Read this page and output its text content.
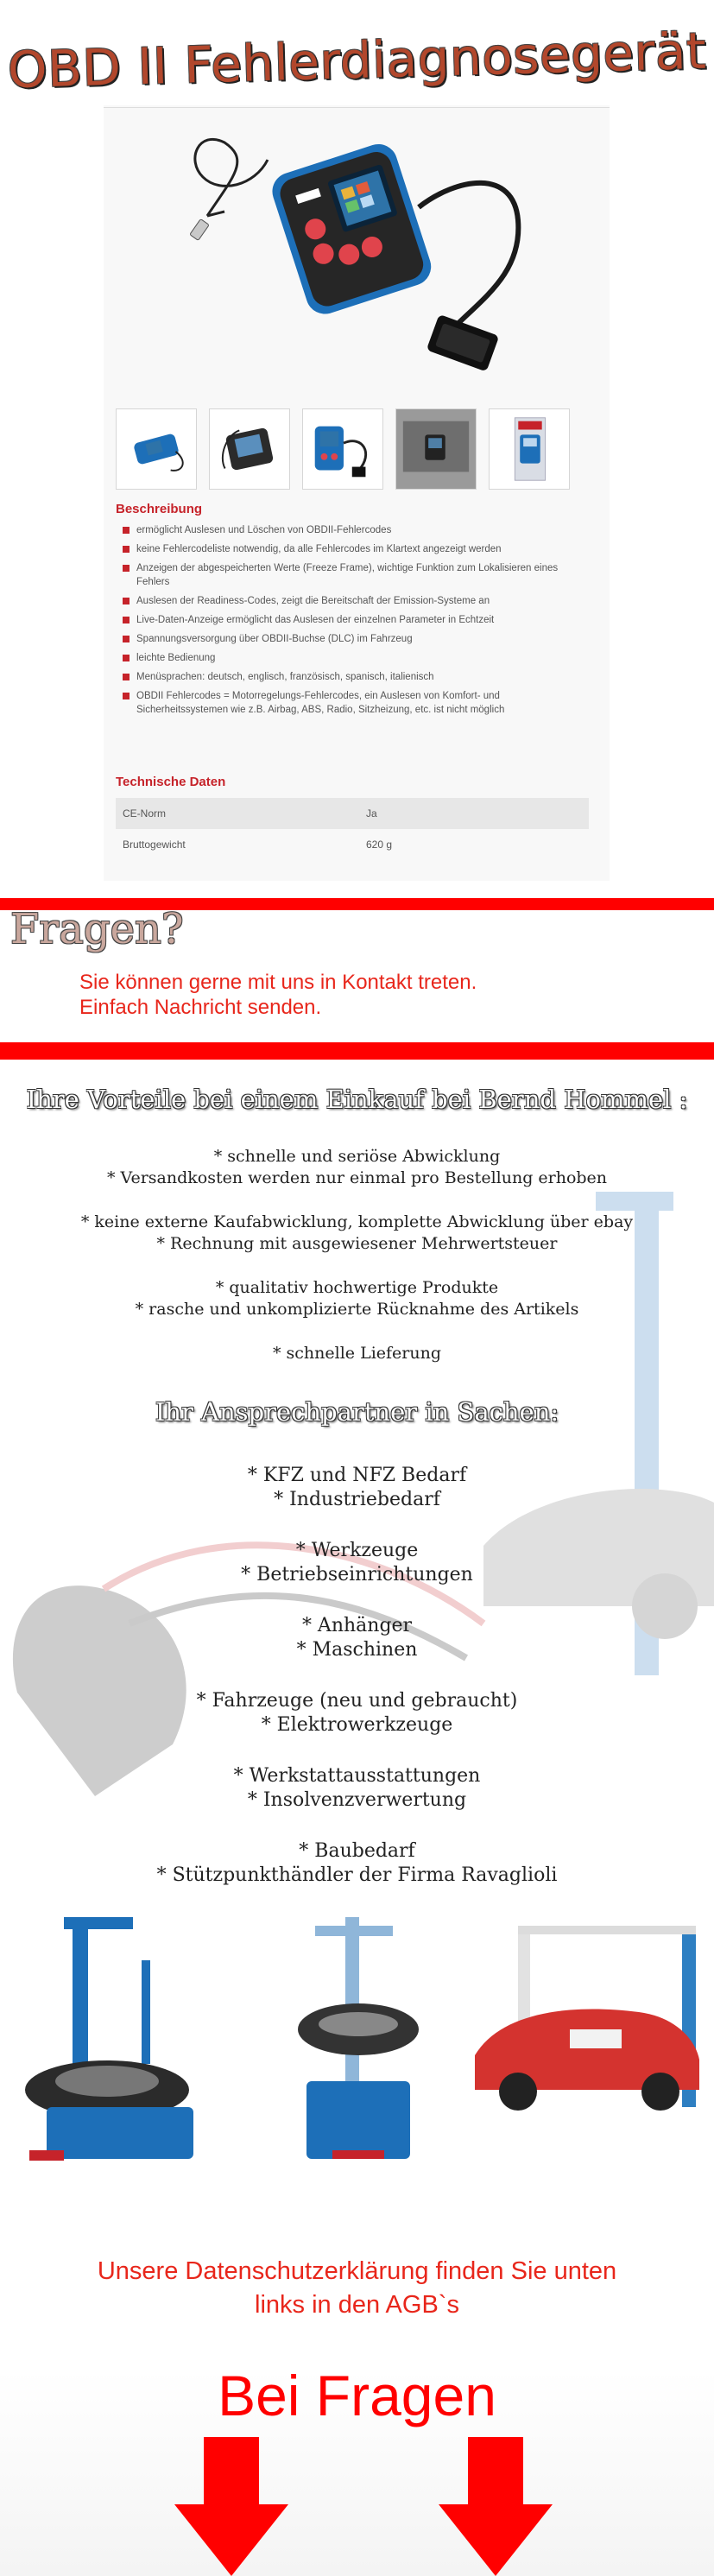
OBD II Fehlerdiagnosegerät
Beschreibung
ermöglicht Auslesen und Löschen von OBDII-Fehlercodes
keine Fehlercodeliste notwendig, da alle Fehlercodes im Klartext angezeigt werden
Anzeigen der abgespeicherten Werte (Freeze Frame), wichtige Funktion zum Lokalisieren eines Fehlers
Auslesen der Readiness-Codes, zeigt die Bereitschaft der Emission-Systeme an
Live-Daten-Anzeige ermöglicht das Auslesen der einzelnen Parameter in Echtzeit
Spannungsversorgung über OBDII-Buchse (DLC) im Fahrzeug
leichte Bedienung
Menüsprachen: deutsch, englisch, französisch, spanisch, italienisch
OBDII Fehlercodes = Motorregelungs-Fehlercodes, ein Auslesen von Komfort- und Sicherheitssystemen wie z.B. Airbag, ABS, Radio, Sitzheizung, etc. ist nicht möglich
Technische Daten
CE-Norm	Ja
Bruttogewicht	620 g
Fragen?
Sie können gerne mit uns in Kontakt treten.
Einfach Nachricht senden.
Ihre Vorteile bei einem Einkauf bei Bernd Hommel :
* schnelle und seriöse Abwicklung
* Versandkosten werden nur einmal pro Bestellung erhoben
* keine externe Kaufabwicklung, komplette Abwicklung über ebay
* Rechnung mit ausgewiesener Mehrwertsteuer
* qualitativ hochwertige Produkte
* rasche und unkomplizierte Rücknahme des Artikels
* schnelle Lieferung
Ihr Ansprechpartner in Sachen:
* KFZ und NFZ Bedarf
* Industriebedarf
* Werkzeuge
* Betriebseinrichtungen
* Anhänger
* Maschinen
* Fahrzeuge (neu und gebraucht)
* Elektrowerkzeuge
* Werkstattausstattungen
* Insolvenzverwertung
* Baubedarf
* Stützpunkthändler der Firma Ravaglioli
Unsere Datenschutzerklärung finden Sie unten
links in den AGB`s
Bei Fragen
